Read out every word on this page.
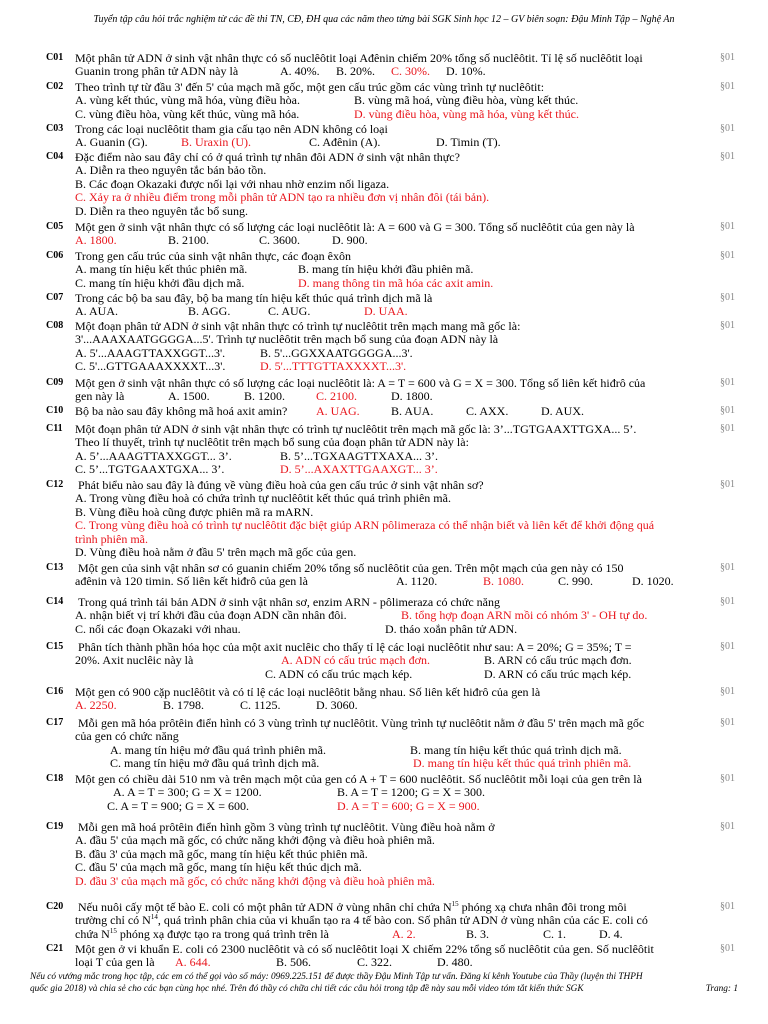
Tuyển tập câu hỏi trắc nghiệm từ các đề thi TN, CĐ, ĐH qua các năm theo từng bài SGK Sinh học 12 – GV biên soạn: Đậu Minh Tập – Nghệ An
C01	§01
Một phân tử ADN ở sinh vật nhân thực có số nuclêôtit loại Ađênin chiếm 20% tổng số nuclêôtit. Tỉ lệ số nuclêôtit loại
Guanin trong phân tử ADN này là	A. 40%. B. 20%. C. 30%. D. 10%.
C02	§01
Theo trình tự từ đầu 3' đến 5' của mạch mã gốc, một gen cấu trúc gồm các vùng trình tự nuclêôtit:
A. vùng kết thúc, vùng mã hóa, vùng điều hòa.	B. vùng mã hoá, vùng điều hòa, vùng kết thúc.
C. vùng điều hòa, vùng kết thúc, vùng mã hóa.	D. vùng điều hòa, vùng mã hóa, vùng kết thúc.
C03	§01
Trong các loại nuclêôtit tham gia cấu tạo nên ADN không có loại
A. Guanin (G).	B. Uraxin (U).	C. Ađênin (A).	D. Timin (T).
C04	§01
Đặc điểm nào sau đây chỉ có ở quá trình tự nhân đôi ADN ở sinh vật nhân thực?
A. Diễn ra theo nguyên tắc bán bảo tồn.
B. Các đoạn Okazaki được nối lại với nhau nhờ enzim nối ligaza.
C. Xảy ra ở nhiều điểm trong mỗi phân tử ADN tạo ra nhiều đơn vị nhân đôi (tái bản).
D. Diễn ra theo nguyên tắc bổ sung.
C05	§01
Một gen ở sinh vật nhân thực có số lượng các loại nuclêôtit là: A = 600 và G = 300. Tổng số nuclêôtit của gen này là
A. 1800.	B. 2100.	C. 3600.	D. 900.
C06	§01
Trong gen cấu trúc của sinh vật nhân thực, các đoạn êxôn
A. mang tín hiệu kết thúc phiên mã.	B. mang tín hiệu khởi đầu phiên mã.
C. mang tín hiệu khởi đầu dịch mã.	D. mang thông tin mã hóa các axit amin.
C07	§01
Trong các bộ ba sau đây, bộ ba mang tín hiệu kết thúc quá trình dịch mã là
A. AUA.	B. AGG.	C. AUG.	D. UAA.
C08	§01
Một đoạn phân tử ADN ở sinh vật nhân thực có trình tự nuclêôtit trên mạch mang mã gốc là:
3'...AAAXAATGGGGA...5'. Trình tự nuclêôtit trên mạch bổ sung của đoạn ADN này là
A. 5'...AAAGTTAXXGGT...3'.	B. 5'...GGXXAATGGGGA...3'.
C. 5'...GTTGAAAXXXXT...3'.	D. 5'...TTTGTTAXXXXT...3'.
C09	§01
Một gen ở sinh vật nhân thực có số lượng các loại nuclêôtit là: A = T = 600 và G = X = 300. Tổng số liên kết hiđrô của
gen này là	A. 1500.	B. 1200.	C. 2100.	D. 1800.
C10	§01
Bộ ba nào sau đây không mã hoá axit amin? A. UAG.	B. AUA.	C. AXX.	D. AUX.
C11	§01
Một đoạn phân tử ADN ở sinh vật nhân thực có trình tự nuclêôtit trên mạch mã gốc là: 3’...TGTGAAXTTGXA... 5’.
Theo lí thuyết, trình tự nuclêôtit trên mạch bổ sung của đoạn phân tử ADN này là:
A. 5’...AAAGTTAXXGGT... 3’.	B. 5’...TGXAAGTTXAXA... 3’.
C. 5’...TGTGAAXTGXA... 3’.	D. 5’...AXAXTTGAAXGT... 3’.
C12	§01
Phát biểu nào sau đây là đúng về vùng điều hoà của gen cấu trúc ở sinh vật nhân sơ?
A. Trong vùng điều hoà có chứa trình tự nuclêôtit kết thúc quá trình phiên mã.
B. Vùng điều hoà cũng được phiên mã ra mARN.
C. Trong vùng điều hoà có trình tự nuclêôtit đặc biệt giúp ARN pôlimeraza có thể nhận biết và liên kết để khởi động quá
trình phiên mã.
D. Vùng điều hoà nằm ở đầu 5' trên mạch mã gốc của gen.
C13	§01
Một gen của sinh vật nhân sơ có guanin chiếm 20% tổng số nuclêôtit của gen. Trên một mạch của gen này có 150
ađênin và 120 timin. Số liên kết hiđrô của gen là	A. 1120.	B. 1080.	C. 990.	D. 1020.
C14	§01
Trong quá trình tái bản ADN ở sinh vật nhân sơ, enzim ARN - pôlimeraza có chức năng
A. nhận biết vị trí khởi đầu của đoạn ADN cần nhân đôi.	B. tổng hợp đoạn ARN mồi có nhóm 3' - OH tự do.
C. nối các đoạn Okazaki với nhau.	D. tháo xoắn phân tử ADN.
C15	§01
Phân tích thành phần hóa học của một axit nuclêic cho thấy tỉ lệ các loại nuclêôtit như sau: A = 20%; G = 35%; T =
20%. Axit nuclêic này là	A. ADN có cấu trúc mạch đơn.	B. ARN có cấu trúc mạch đơn.
C. ADN có cấu trúc mạch kép.	D. ARN có cấu trúc mạch kép.
C16	§01
Một gen có 900 cặp nuclêôtit và có tỉ lệ các loại nuclêôtit bằng nhau. Số liên kết hiđrô của gen là
A. 2250.	B. 1798.	C. 1125.	D. 3060.
C17	§01
Mỗi gen mã hóa prôtêin điển hình có 3 vùng trình tự nuclêôtit. Vùng trình tự nuclêôtit nằm ở đầu 5' trên mạch mã gốc
của gen có chức năng
A. mang tín hiệu mở đầu quá trình phiên mã.	B. mang tín hiệu kết thúc quá trình dịch mã.
C. mang tín hiệu mở đầu quá trình dịch mã.	D. mang tín hiệu kết thúc quá trình phiên mã.
C18	§01
Một gen có chiều dài 510 nm và trên mạch một của gen có A + T = 600 nuclêôtit. Số nuclêôtit mỗi loại của gen trên là
A. A = T = 300; G = X = 1200.	B. A = T = 1200; G = X = 300.
C. A = T = 900; G = X = 600.	D. A = T = 600; G = X = 900.
C19	§01
Mỗi gen mã hoá prôtêin điển hình gồm 3 vùng trình tự nuclêôtit. Vùng điều hoà nằm ở
A. đầu 5' của mạch mã gốc, có chức năng khởi động và điều hoà phiên mã.
B. đầu 3' của mạch mã gốc, mang tín hiệu kết thúc phiên mã.
C. đầu 5' của mạch mã gốc, mang tín hiệu kết thúc dịch mã.
D. đầu 3' của mạch mã gốc, có chức năng khởi động và điều hoà phiên mã.
C20	§01
Nếu nuôi cấy một tế bào E. coli có một phân tử ADN ở vùng nhân chỉ chứa $N^{15}$ phóng xạ chưa nhân đôi trong môi
trường chỉ có $N^{14}$, quá trình phân chia của vi khuẩn tạo ra 4 tế bào con. Số phân tử ADN ở vùng nhân của các E. coli có
chứa $N^{15}$ phóng xạ được tạo ra trong quá trình trên là	A. 2.	B. 3.	C. 1.	D. 4.
C21	§01
Một gen ở vi khuẩn E. coli có 2300 nuclêôtit và có số nuclêôtit loại X chiếm 22% tổng số nuclêôtit của gen. Số nuclêôtit
loại T của gen là A. 644.	B. 506.	C. 322.	D. 480.
Nếu có vướng mắc trong học tập, các em có thể gọi vào số máy: 0969.225.151 để được thầy Đậu Minh Tập tư vấn. Đăng kí kênh Youtube của Thầy (luyện thi THPH
quốc gia 2018) và chia sẻ cho các bạn cùng học nhé. Trên đó thầy có chữa chi tiết các câu hỏi trong tập đề này sau mỗi video tóm tắt kiến thức SGK	Trang: 1
